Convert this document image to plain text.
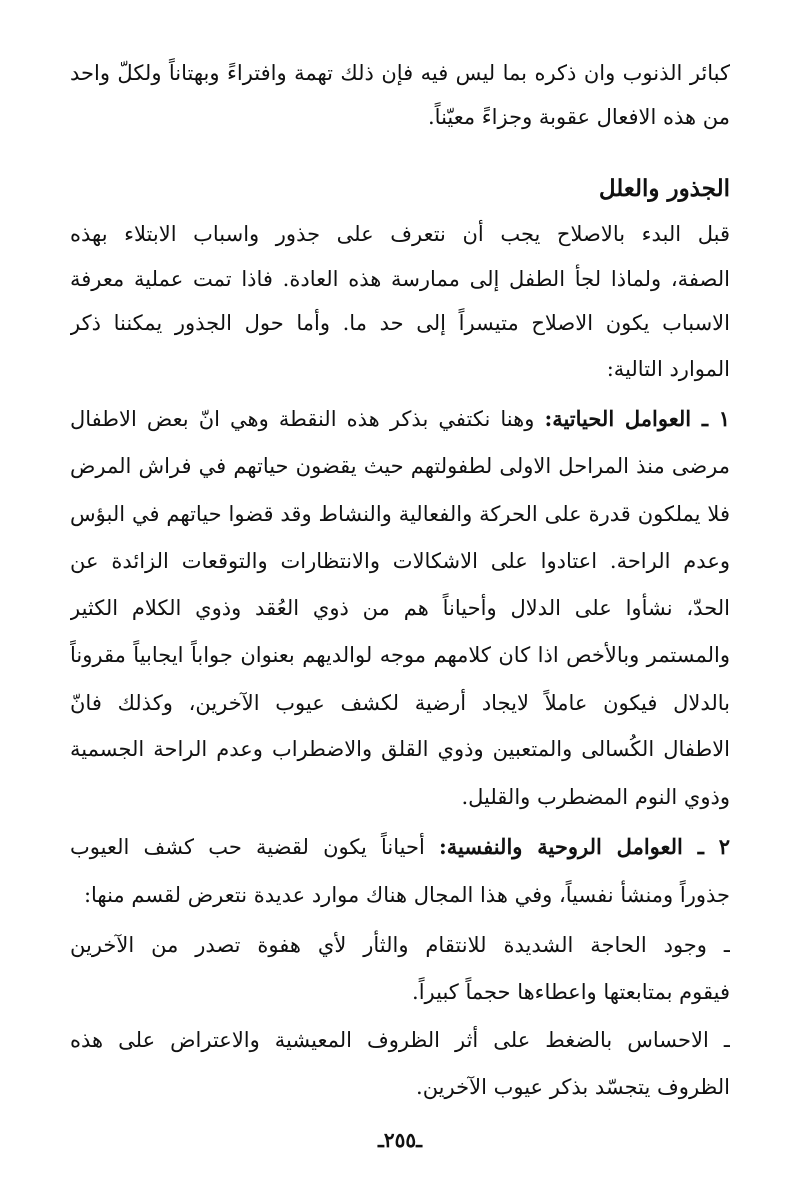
كبائر الذنوب وان ذكره بما ليس فيه فإن ذلك تهمة وافتراءً وبهتاناً ولكلّ واحد
من هذه الافعال عقوبة وجزاءً معيّناً.
الجذور والعلل
قبل البدء بالاصلاح يجب أن نتعرف على جذور واسباب الابتلاء بهذه
الصفة، ولماذا لجأ الطفل إلى ممارسة هذه العادة. فاذا تمت عملية معرفة
الاسباب يكون الاصلاح متيسراً إلى حد ما. وأما حول الجذور يمكننا ذكر
الموارد التالية:
١ ـ العوامل الحياتية: وهنا نكتفي بذكر هذه النقطة وهي انّ بعض الاطفال
مرضى منذ المراحل الاولى لطفولتهم حيث يقضون حياتهم في فراش المرض
فلا يملكون قدرة على الحركة والفعالية والنشاط وقد قضوا حياتهم في البؤس
وعدم الراحة. اعتادوا على الاشكالات والانتظارات والتوقعات الزائدة عن
الحدّ، نشأوا على الدلال وأحياناً هم من ذوي العُقد وذوي الكلام الكثير
والمستمر وبالأخص اذا كان كلامهم موجه لوالديهم بعنوان جواباً ايجابياً مقروناً
بالدلال فيكون عاملاً لايجاد أرضية لكشف عيوب الآخرين، وكذلك فانّ
الاطفال الكُسالى والمتعبين وذوي القلق والاضطراب وعدم الراحة الجسمية
وذوي النوم المضطرب والقليل.
٢ ـ العوامل الروحية والنفسية: أحياناً يكون لقضية حب كشف العيوب
جذوراً ومنشأً نفسياً، وفي هذا المجال هناك موارد عديدة نتعرض لقسم منها:
ـ وجود الحاجة الشديدة للانتقام والثأر لأي هفوة تصدر من الآخرين
فيقوم بمتابعتها واعطاءها حجماً كبيراً.
ـ الاحساس بالضغط على أثر الظروف المعيشية والاعتراض على هذه
الظروف يتجسّد بذكر عيوب الآخرين.
ـ٢٥٥ـ
